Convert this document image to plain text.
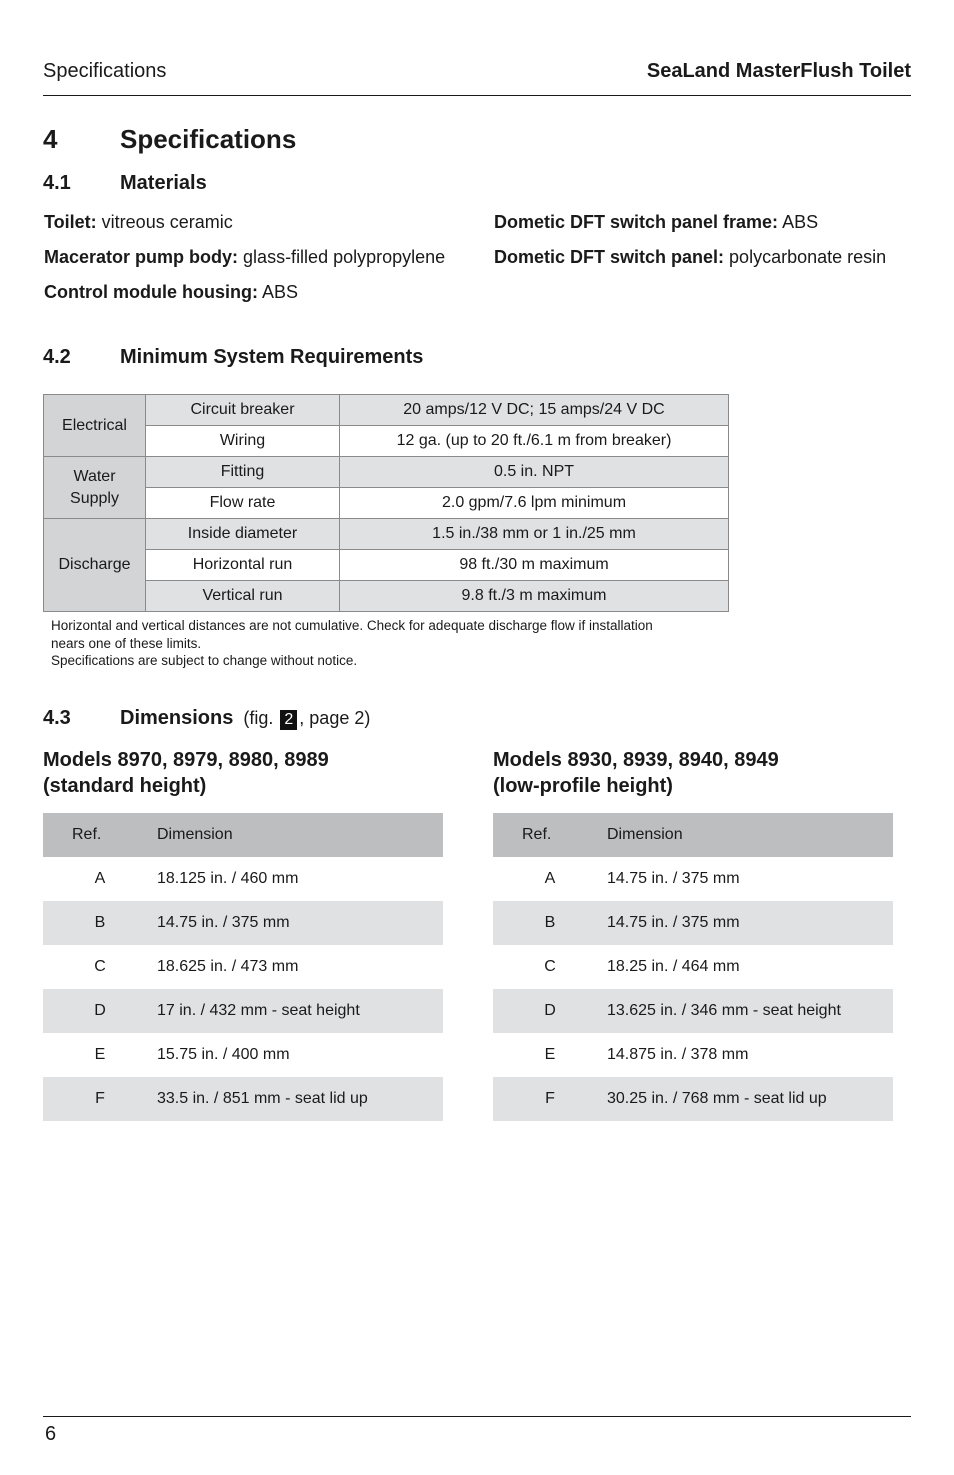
Specifications	SeaLand MasterFlush Toilet
4 Specifications
4.1 Materials
Toilet: vitreous ceramic
Macerator pump body: glass-filled polypropylene
Control module housing: ABS
Dometic DFT switch panel frame: ABS
Dometic DFT switch panel: polycarbonate resin
4.2 Minimum System Requirements
Electrical	Circuit breaker	20 amps/12 V DC; 15 amps/24 V DC
	Wiring	12 ga. (up to 20 ft./6.1 m from breaker)
Water
Supply	Fitting	0.5 in. NPT
	Flow rate	2.0 gpm/7.6 lpm minimum
Discharge	Inside diameter	1.5 in./38 mm or 1 in./25 mm
	Horizontal run	98 ft./30 m maximum
	Vertical run	9.8 ft./3 m maximum
Horizontal and vertical distances are not cumulative. Check for adequate discharge flow if installation
nears one of these limits.
Specifications are subject to change without notice.
4.3 Dimensions (fig. 2 , page 2)
Models 8970, 8979, 8980, 8989
(standard height)
Models 8930, 8939, 8940, 8949
(low-profile height)
Ref.	Dimension
A	18.125 in. / 460 mm
B	14.75 in. / 375 mm
C	18.625 in. / 473 mm
D	17 in. / 432 mm - seat height
E	15.75 in. / 400 mm
F	33.5 in. / 851 mm - seat lid up
Ref.	Dimension
A	14.75 in. / 375 mm
B	14.75 in. / 375 mm
C	18.25 in. / 464 mm
D	13.625 in. / 346 mm - seat height
E	14.875 in. / 378 mm
F	30.25 in. / 768 mm - seat lid up
6
